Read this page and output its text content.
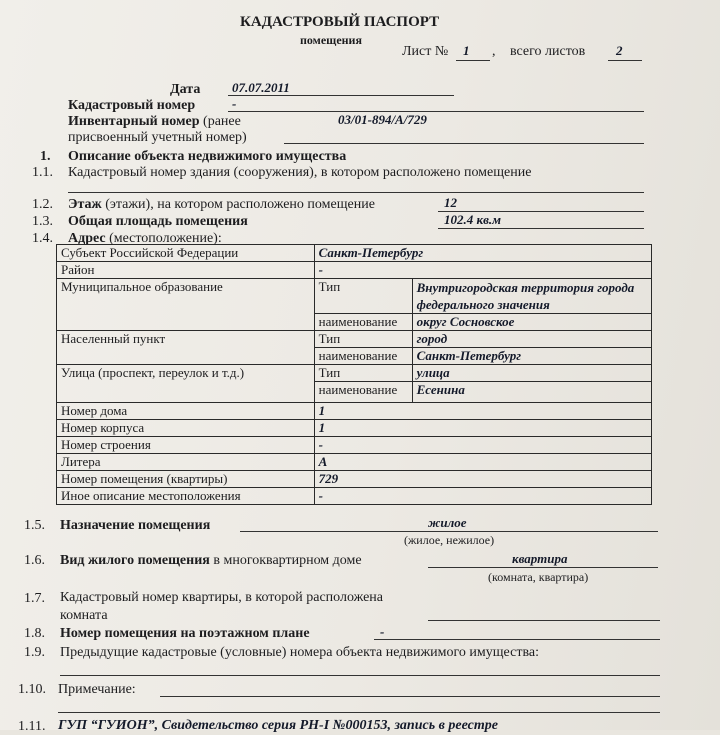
КАДАСТРОВЫЙ ПАСПОРТ
помещения
Лист № 1 , всего листов 2
Дата 07.07.2011
Кадастровый номер	-
Инвентарный номер (ранее	03/01-894/А/729
присвоенный учетный номер)
1. Описание объекта недвижимого имущества
1.1. Кадастровый номер здания (сооружения), в котором расположено помещение
1.2. Этаж (этажи), на котором расположено помещение	12
1.3. Общая площадь помещения	102.4 кв.м
1.4. Адрес (местоположение):
Субъект Российской Федерации	Санкт-Петербург	
Район	-	
Муниципальное образование	Тип	Внутригородская территория города федерального значения
	наименование	округ Сосновское
Населенный пункт	Тип	город
	наименование	Санкт-Петербург
Улица (проспект, переулок и т.д.)	Тип	улица
	наименование	Есенина
Номер дома	1	
Номер корпуса	1	
Номер строения	-	
Литера	А	
Номер помещения (квартиры)	729	
Иное описание местоположения	-	
1.5. Назначение помещения	жилое
(жилое, нежилое)
1.6. Вид жилого помещения в многоквартирном доме	квартира
(комната, квартира)
1.7. Кадастровый номер квартиры, в которой расположена
комната
1.8. Номер помещения на поэтажном плане	-
1.9. Предыдущие кадастровые (условные) номера объекта недвижимого имущества:
1.10. Примечание:
1.11. ГУП “ГУИОН”, Свидетельство серия РН-I №000153, запись в реестре
